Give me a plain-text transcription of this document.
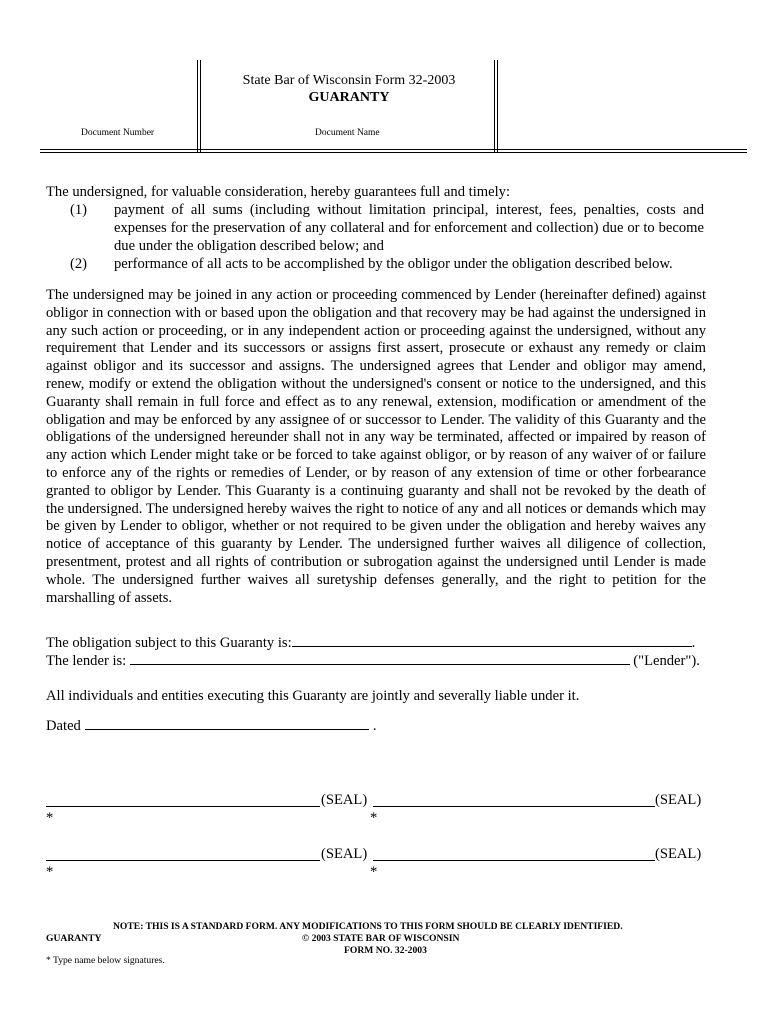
State Bar of Wisconsin Form 32-2003
GUARANTY
Document Number	Document Name
The undersigned, for valuable consideration, hereby guarantees full and timely:
(1) payment of all sums (including without limitation principal, interest, fees, penalties, costs and expenses for the preservation of any collateral and for enforcement and collection) due or to become due under the obligation described below; and
(2) performance of all acts to be accomplished by the obligor under the obligation described below.
The undersigned may be joined in any action or proceeding commenced by Lender (hereinafter defined) against obligor in connection with or based upon the obligation and that recovery may be had against the undersigned in any such action or proceeding, or in any independent action or proceeding against the undersigned, without any requirement that Lender and its successors or assigns first assert, prosecute or exhaust any remedy or claim against obligor and its successor and assigns. The undersigned agrees that Lender and obligor may amend, renew, modify or extend the obligation without the undersigned's consent or notice to the undersigned, and this Guaranty shall remain in full force and effect as to any renewal, extension, modification or amendment of the obligation and may be enforced by any assignee of or successor to Lender. The validity of this Guaranty and the obligations of the undersigned hereunder shall not in any way be terminated, affected or impaired by reason of any action which Lender might take or be forced to take against obligor, or by reason of any waiver of or failure to enforce any of the rights or remedies of Lender, or by reason of any extension of time or other forbearance granted to obligor by Lender. This Guaranty is a continuing guaranty and shall not be revoked by the death of the undersigned. The undersigned hereby waives the right to notice of any and all notices or demands which may be given by Lender to obligor, whether or not required to be given under the obligation and hereby waives any notice of acceptance of this guaranty by Lender. The undersigned further waives all diligence of collection, presentment, protest and all rights of contribution or subrogation against the undersigned until Lender is made whole. The undersigned further waives all suretyship defenses generally, and the right to petition for the marshalling of assets.
The obligation subject to this Guaranty is:	.
The lender is:	("Lender").
All individuals and entities executing this Guaranty are jointly and severally liable under it.
Dated	.
(SEAL)	(SEAL)
*	*
(SEAL)	(SEAL)
*	*
NOTE: THIS IS A STANDARD FORM. ANY MODIFICATIONS TO THIS FORM SHOULD BE CLEARLY IDENTIFIED.
GUARANTY	© 2003 STATE BAR OF WISCONSIN
FORM NO. 32-2003
* Type name below signatures.
